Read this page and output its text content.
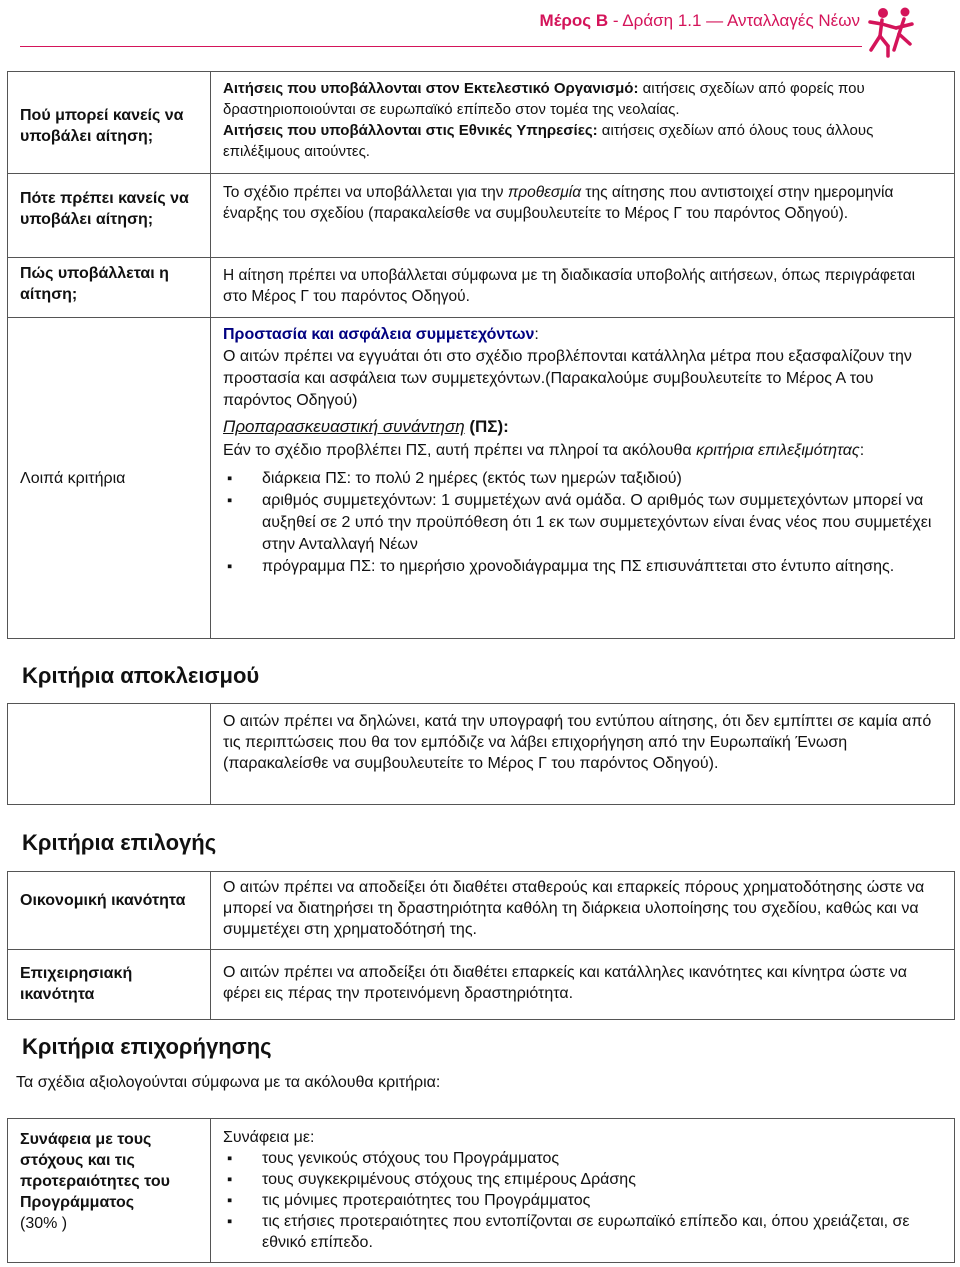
Μέρος Β - Δράση 1.1 — Ανταλλαγές Νέων
Πού μπορεί κανείς να υποβάλει αίτηση;

Αιτήσεις που υποβάλλονται στον Εκτελεστικό Οργανισμό: αιτήσεις σχεδίων από φορείς που δραστηριοποιούνται σε ευρωπαϊκό επίπεδο στον τομέα της νεολαίας.

Αιτήσεις που υποβάλλονται στις Εθνικές Υπηρεσίες: αιτήσεις σχεδίων από όλους τους άλλους επιλέξιμους αιτούντες.

Πότε πρέπει κανείς να υποβάλει αίτηση;
Το σχέδιο πρέπει να υποβάλλεται για την προθεσμία της αίτησης που αντιστοιχεί στην ημερομηνία έναρξης του σχεδίου (παρακαλείσθε να συμβουλευτείτε το Μέρος Γ του παρόντος Οδηγού).
Πώς υποβάλλεται η αίτηση;
Η αίτηση πρέπει να υποβάλλεται σύμφωνα με τη διαδικασία υποβολής αιτήσεων, όπως περιγράφεται στο Μέρος Γ του παρόντος Οδηγού.
Λοιπά κριτήρια

Προστασία και ασφάλεια συμμετεχόντων:

Ο αιτών πρέπει να εγγυάται ότι στο σχέδιο προβλέπονται κατάλληλα μέτρα που εξασφαλίζουν την προστασία και ασφάλεια των συμμετεχόντων.(Παρακαλούμε συμβουλευτείτε το Μέρος Α του παρόντος Οδηγού)

Προπαρασκευαστική συνάντηση (ΠΣ):

Εάν το σχέδιο προβλέπει ΠΣ, αυτή πρέπει να πληροί τα ακόλουθα κριτήρια επιλεξιμότητας:

▪ διάρκεια ΠΣ: το πολύ 2 ημέρες (εκτός των ημερών ταξιδιού)
▪ αριθμός συμμετεχόντων: 1 συμμετέχων ανά ομάδα. Ο αριθμός των συμμετεχόντων μπορεί να αυξηθεί σε 2 υπό την προϋπόθεση ότι 1 εκ των συμμετεχόντων είναι ένας νέος που συμμετέχει στην Ανταλλαγή Νέων
▪ πρόγραμμα ΠΣ: το ημερήσιο χρονοδιάγραμμα της ΠΣ επισυνάπτεται στο έντυπο αίτησης.
Κριτήρια αποκλεισμού
Ο αιτών πρέπει να δηλώνει, κατά την υπογραφή του εντύπου αίτησης, ότι δεν εμπίπτει σε καμία από τις περιπτώσεις που θα τον εμπόδιζε να λάβει επιχορήγηση από την Ευρωπαϊκή Ένωση (παρακαλείσθε να συμβουλευτείτε το Μέρος Γ του παρόντος Οδηγού).
Κριτήρια επιλογής
Οικονομική ικανότητα
Ο αιτών πρέπει να αποδείξει ότι διαθέτει σταθερούς και επαρκείς πόρους χρηματοδότησης ώστε να μπορεί να διατηρήσει τη δραστηριότητα καθόλη τη διάρκεια υλοποίησης του σχεδίου, καθώς και να συμμετέχει στη χρηματοδότησή της.
Επιχειρησιακή ικανότητα
Ο αιτών πρέπει να αποδείξει ότι διαθέτει επαρκείς και κατάλληλες ικανότητες και κίνητρα ώστε να φέρει εις πέρας την προτεινόμενη δραστηριότητα.
Κριτήρια επιχορήγησης
Τα σχέδια αξιολογούνται σύμφωνα με τα ακόλουθα κριτήρια:
Συνάφεια με τους στόχους και τις προτεραιότητες του Προγράμματος
(30% )

Συνάφεια με:

▪ τους γενικούς στόχους του Προγράμματος
▪ τους συγκεκριμένους στόχους της επιμέρους Δράσης
▪ τις μόνιμες προτεραιότητες του Προγράμματος
▪ τις ετήσιες προτεραιότητες που εντοπίζονται σε ευρωπαϊκό επίπεδο και, όπου χρειάζεται, σε εθνικό επίπεδο.
